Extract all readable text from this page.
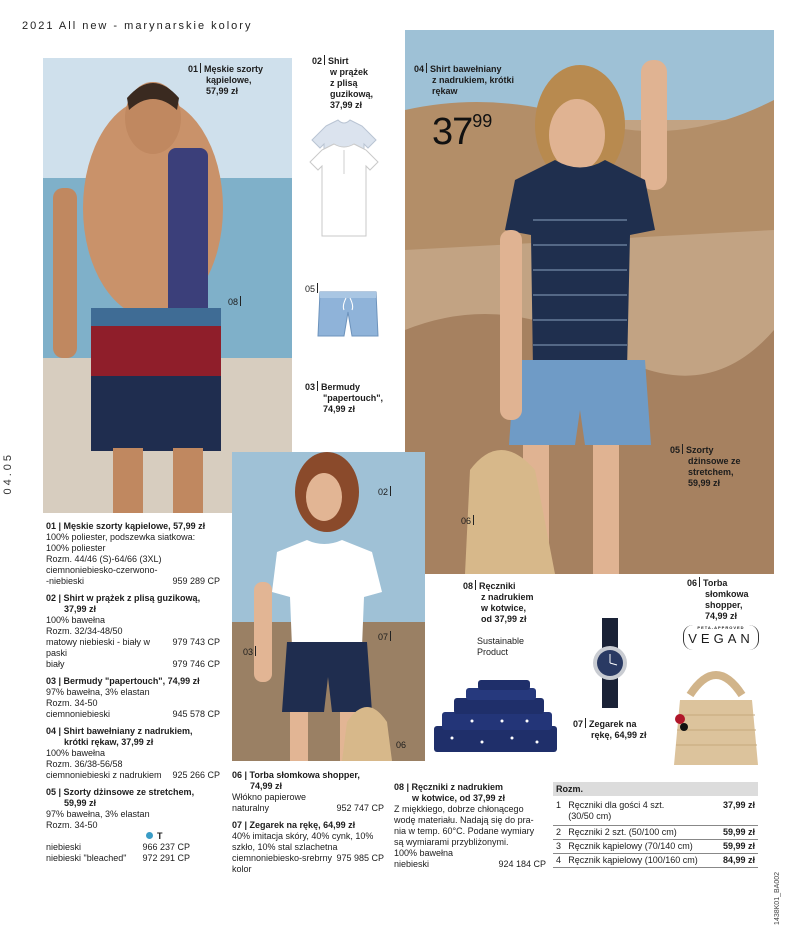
2021 All new - marynarskie kolory
04.05
1438K01_BA002
01 Męskie szorty
kąpielowe,
57,99 zł
02 Shirt
w prążek
z plisą
guzikową,
37,99 zł
04 Shirt bawełniany
z nadrukiem, krótki
rękaw
$37^{99}$
05
08
03 Bermudy
"papertouch",
74,99 zł
05 Szorty
dżinsowe ze
stretchem,
59,99 zł
02
06
08 Ręczniki
z nadrukiem
w kotwice,
od 37,99 zł
Sustainable
Product
06 Torba
słomkowa
shopper,
74,99 zł
PETA-APPROVED
VEGAN
03
07
06
07 Zegarek na
rękę, 64,99 zł
01 | Męskie szorty kąpielowe, 57,99 zł
100% poliester, podszewka siatkowa:
100% poliester
Rozm. 44/46 (S)-64/66 (3XL)
ciemnoniebiesko-czerwono-
-niebieski	959 289 CP
02 | Shirt w prążek z plisą guzikową,
37,99 zł
100% bawełna
Rozm. 32/34-48/50
matowy niebieski - biały w 979 743 CP
paski
biały	979 746 CP
03 | Bermudy "papertouch", 74,99 zł
97% bawełna, 3% elastan
Rozm. 34-50
ciemnoniebieski	945 578 CP
04 | Shirt bawełniany z nadrukiem,
krótki rękaw, 37,99 zł
100% bawełna
Rozm. 36/38-56/58
ciemnoniebieski z nadrukiem 925 266 CP
05 | Szorty dżinsowe ze stretchem,
59,99 zł
97% bawełna, 3% elastan
Rozm. 34-50
T
niebieski	966 237 CP
niebieski "bleached" 972 291 CP
06 | Torba słomkowa shopper,
74,99 zł
Włókno papierowe
naturalny	952 747 CP
07 | Zegarek na rękę, 64,99 zł
40% imitacja skóry, 40% cynk, 10%
szkło, 10% stal szlachetna
ciemnoniebiesko-srebrny 975 985 CP
kolor
08 | Ręczniki z nadrukiem
w kotwice, od 37,99 zł
Z miękkiego, dobrze chłonącego
wodę materiału. Nadają się do pra-
nia w temp. 60°C. Podane wymiary
są wymiarami przybliżonymi.
100% bawełna
niebieski	924 184 CP
Rozm.		
1	Ręczniki dla gości 4 szt.
(30/50 cm)	37,99 zł
2	Ręczniki 2 szt. (50/100 cm)	59,99 zł
3	Ręcznik kąpielowy (70/140 cm)	59,99 zł
4	Ręcznik kąpielowy (100/160 cm)	84,99 zł
